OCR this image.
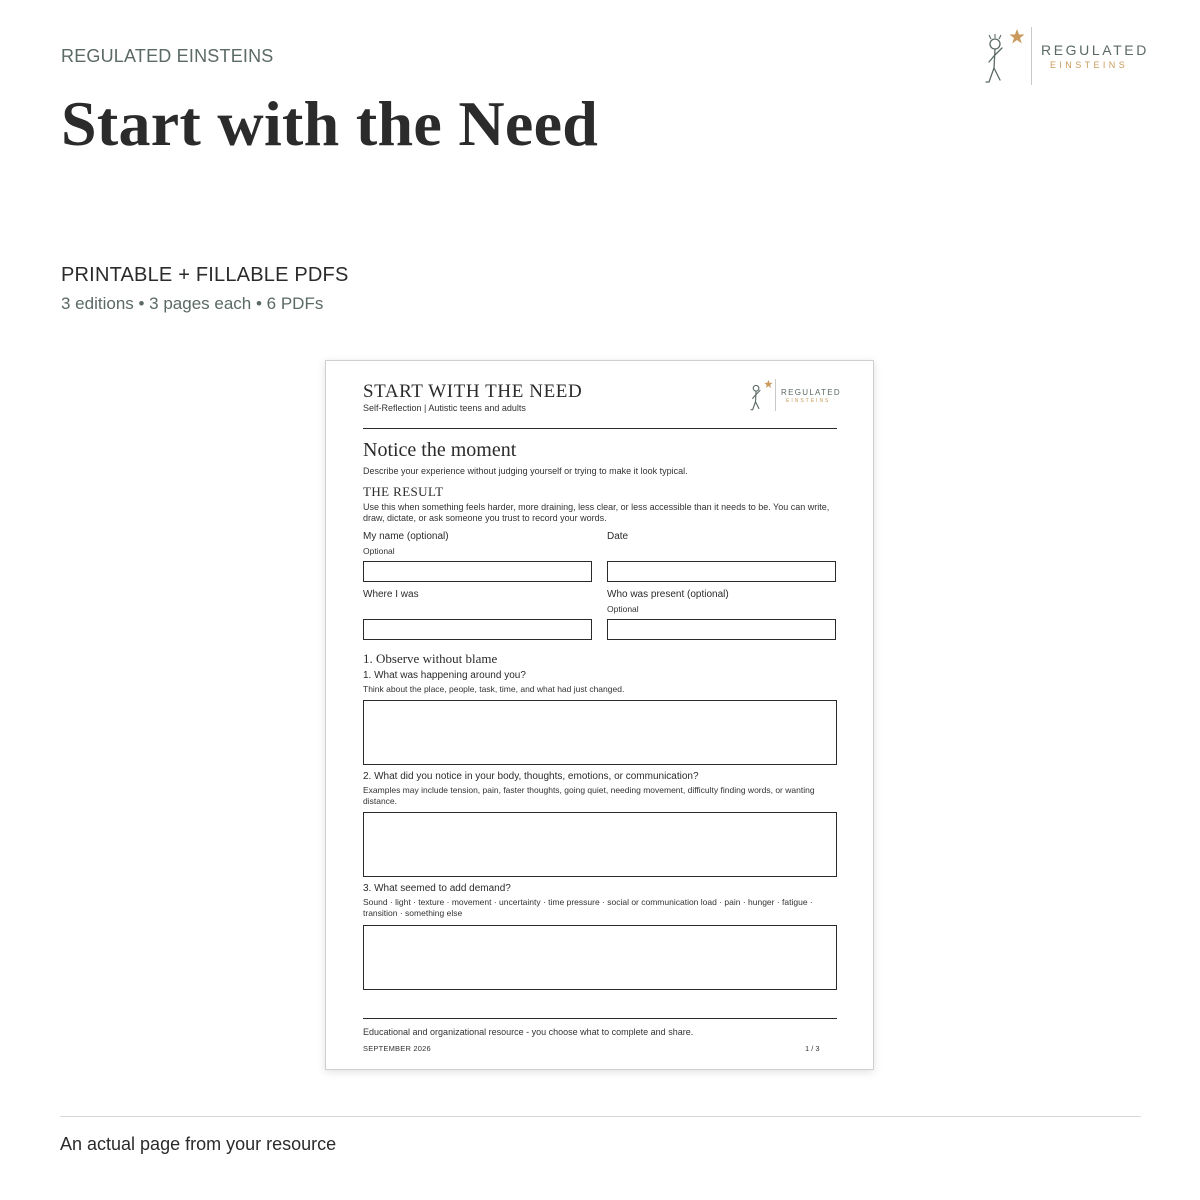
REGULATED EINSTEINS
Start with the Need
REGULATED
EINSTEINS
PRINTABLE + FILLABLE PDFS
3 editions • 3 pages each • 6 PDFs
START WITH THE NEED
Self-Reflection | Autistic teens and adults
REGULATED
EINSTEINS
Notice the moment
Describe your experience without judging yourself or trying to make it look typical.
THE RESULT
Use this when something feels harder, more draining, less clear, or less accessible than it needs to be. You can write, draw, dictate, or ask someone you trust to record your words.
My name (optional)
Optional
Date
Where I was	Who was present (optional)
Optional
1. Observe without blame
1. What was happening around you?
Think about the place, people, task, time, and what had just changed.
2. What did you notice in your body, thoughts, emotions, or communication?
Examples may include tension, pain, faster thoughts, going quiet, needing movement, difficulty finding words, or wanting distance.
3. What seemed to add demand?
Sound · light · texture · movement · uncertainty · time pressure · social or communication load · pain · hunger · fatigue · transition · something else
Educational and organizational resource - you choose what to complete and share.
SEPTEMBER 2026	1 / 3
An actual page from your resource
